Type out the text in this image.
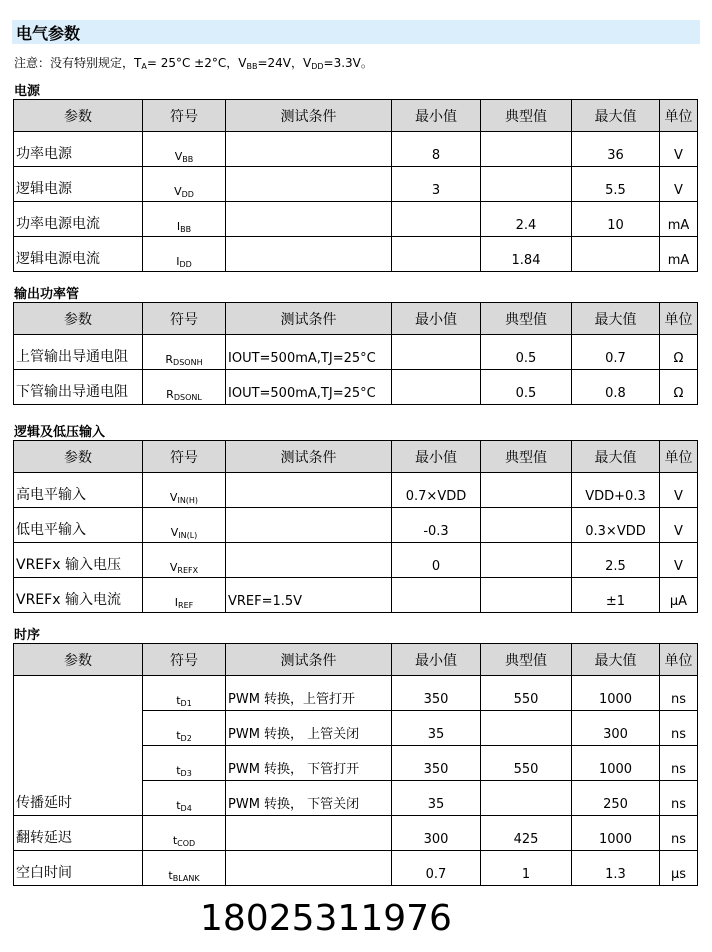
电气参数
注意：没有特别规定，$T_A= 25^\circ C \pm 2^\circ C$，$V_{BB}=24V$，$V_{DD}=3.3V$。
电源
参数	符号	测试条件	最小值	典型值	最大值	单位
功率电源	$V_{BB}$		8		36	V
逻辑电源	$V_{DD}$		3		5.5	V
功率电源电流	$I_{BB}$			2.4	10	mA
逻辑电源电流	$I_{DD}$			1.84		mA
输出功率管
参数	符号	测试条件	最小值	典型值	最大值	单位
上管输出导通电阻	$R_{DSONH}$	IOUT=500mA,TJ=25°C		0.5	0.7	Ω
下管输出导通电阻	$R_{DSONL}$	IOUT=500mA,TJ=25°C		0.5	0.8	Ω
逻辑及低压输入
参数	符号	测试条件	最小值	典型值	最大值	单位
高电平输入	$V_{IN(H)}$		0.7×VDD		VDD+0.3	V
低电平输入	$V_{IN(L)}$		-0.3		0.3×VDD	V
VREFx 输入电压	$V_{REFX}$		0		2.5	V
VREFx 输入电流	$I_{REF}$	VREF=1.5V			±1	μA
时序
参数	符号	测试条件	最小值	典型值	最大值	单位
传播延时	$t_{D1}$	PWM 转换，上管打开	350	550	1000	ns
	$t_{D2}$	PWM 转换， 上管关闭	35		300	ns
	$t_{D3}$	PWM 转换， 下管打开	350	550	1000	ns
	$t_{D4}$	PWM 转换， 下管关闭	35		250	ns
翻转延迟	$t_{COD}$		300	425	1000	ns
空白时间	$t_{BLANK}$		0.7	1	1.3	μs
18025311976
